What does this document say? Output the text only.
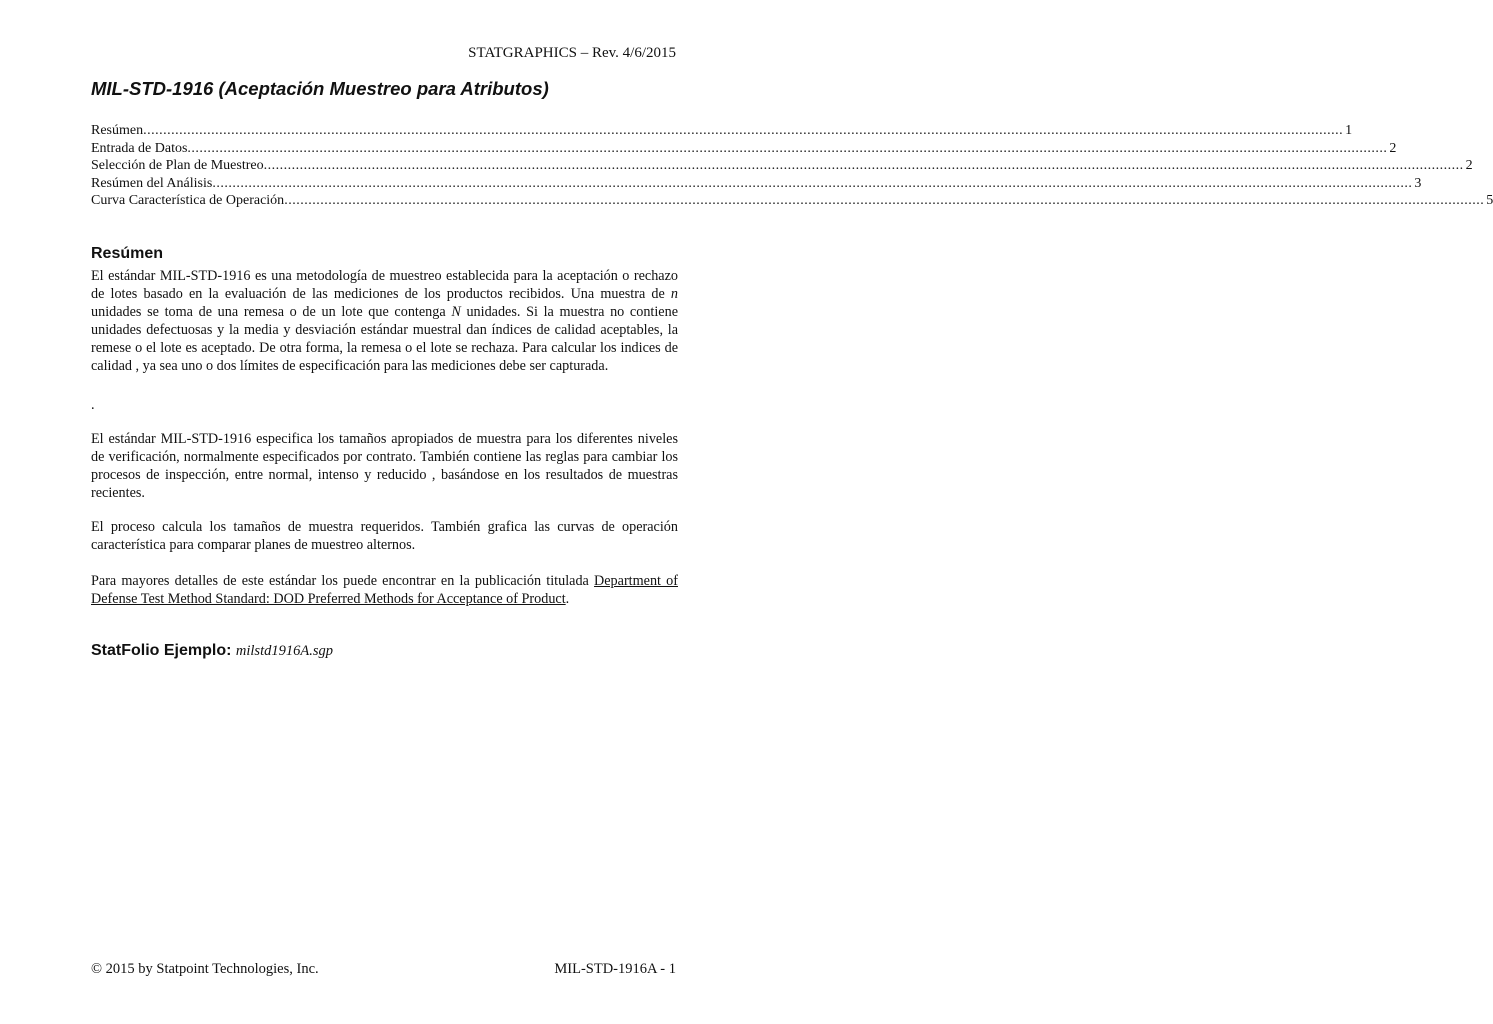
STATGRAPHICS – Rev. 4/6/2015
MIL-STD-1916 (Aceptación Muestreo para Atributos)
Resúmen ............................................................................................................................................................................................................................................................................................................ 1
Entrada de Datos ............................................................................................................................................................................................................................................................................................................ 2
Selección de Plan de Muestreo ............................................................................................................................................................................................................................................................................................................ 2
Resúmen del Análisis ............................................................................................................................................................................................................................................................................................................ 3
Curva Característica de Operación ............................................................................................................................................................................................................................................................................................................ 5
Resúmen
El estándar MIL-STD-1916 es una metodología de muestreo establecida para la aceptación o rechazo de lotes basado en la evaluación de las mediciones de los productos recibidos. Una muestra de n unidades se toma de una remesa o de un lote que contenga N unidades. Si la muestra no contiene unidades defectuosas y la media y desviación estándar muestral dan índices de calidad aceptables, la remese o el lote es aceptado. De otra forma, la remesa o el lote se rechaza. Para calcular los indices de calidad , ya sea uno o dos límites de especificación para las mediciones debe ser capturada.
.
El estándar MIL-STD-1916 especifica los tamaños apropiados de muestra para los diferentes niveles de verificación, normalmente especificados por contrato. También contiene las reglas para cambiar los procesos de inspección, entre normal, intenso y reducido , basándose en los resultados de muestras recientes.
El proceso calcula los tamaños de muestra requeridos. También grafica las curvas de operación característica para comparar planes de muestreo alternos.
Para mayores detalles de este estándar los puede encontrar en la publicación titulada Department of Defense Test Method Standard: DOD Preferred Methods for Acceptance of Product.
StatFolio Ejemplo: milstd1916A.sgp
© 2015 by Statpoint Technologies, Inc.	MIL-STD-1916A - 1
